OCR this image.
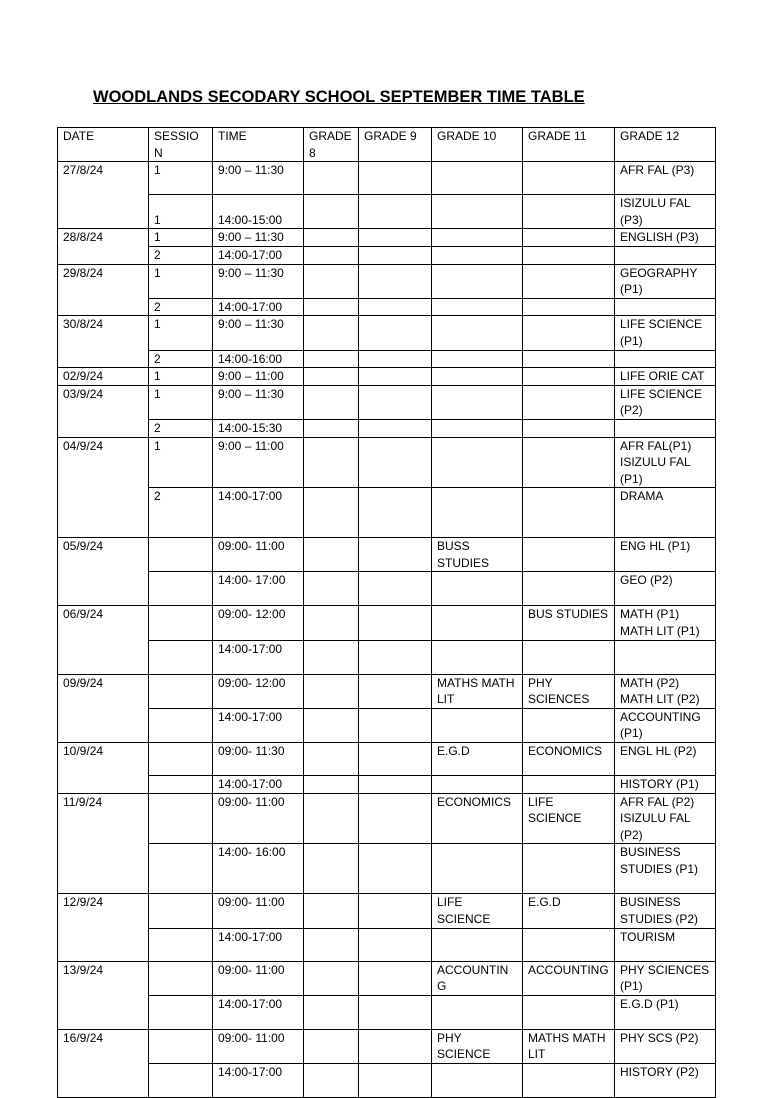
WOODLANDS SECODARY SCHOOL SEPTEMBER TIME TABLE
DATE	SESSION	TIME	GRADE 8	GRADE 9	GRADE 10	GRADE 11	GRADE 12
27/8/24	1	9:00 – 11:30					AFR FAL (P3)
	1	14:00-15:00					ISIZULU FAL (P3)
28/8/24	1	9:00 – 11:30					ENGLISH (P3)
	2	14:00-17:00					
29/8/24	1	9:00 – 11:30					GEOGRAPHY (P1)
	2	14:00-17:00					
30/8/24	1	9:00 – 11:30					LIFE SCIENCE (P1)
	2	14:00-16:00					
02/9/24	1	9:00 – 11:00					LIFE ORIE CAT
03/9/24	1	9:00 – 11:30					LIFE SCIENCE (P2)
	2	14:00-15:30					
04/9/24	1	9:00 – 11:00					AFR FAL(P1) ISIZULU FAL (P1)
	2	14:00-17:00					DRAMA
05/9/24		09:00- 11:00			BUSS STUDIES		ENG HL (P1)
		14:00- 17:00					GEO (P2)
06/9/24		09:00- 12:00				BUS STUDIES	MATH (P1) MATH LIT (P1)
		14:00-17:00					
09/9/24		09:00- 12:00			MATHS MATH LIT	PHY SCIENCES	MATH (P2) MATH LIT (P2)
		14:00-17:00					ACCOUNTING (P1)
10/9/24		09:00- 11:30			E.G.D	ECONOMICS	ENGL HL (P2)
		14:00-17:00					HISTORY (P1)
11/9/24		09:00- 11:00			ECONOMICS	LIFE SCIENCE	AFR FAL (P2) ISIZULU FAL (P2)
		14:00- 16:00					BUSINESS STUDIES (P1)
12/9/24		09:00- 11:00			LIFE SCIENCE	E.G.D	BUSINESS STUDIES (P2)
		14:00-17:00					TOURISM
13/9/24		09:00- 11:00			ACCOUNTING	ACCOUNTING	PHY SCIENCES (P1)
		14:00-17:00					E.G.D (P1)
16/9/24		09:00- 11:00			PHY SCIENCE	MATHS MATH LIT	PHY SCS (P2)
		14:00-17:00					HISTORY (P2)
